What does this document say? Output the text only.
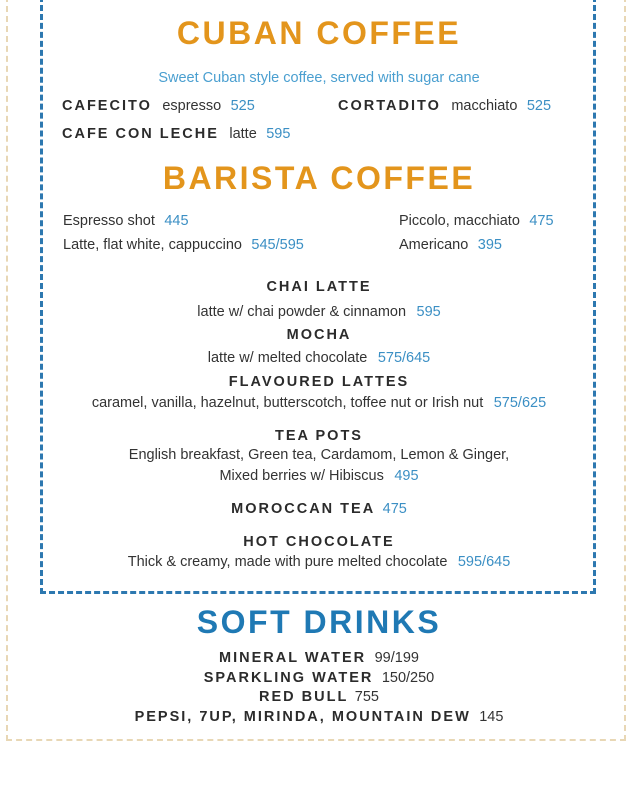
CUBAN COFFEE
Sweet Cuban style coffee, served with sugar cane
CAFECITO espresso 525	CORTADITO macchiato 525
CAFE CON LECHE latte 595
BARISTA COFFEE
Espresso shot 445
Latte, flat white, cappuccino 545/595
Piccolo, macchiato 475
Americano 395
CHAI LATTE
latte w/ chai powder & cinnamon 595
MOCHA
latte w/ melted chocolate 575/645
FLAVOURED LATTES
caramel, vanilla, hazelnut, butterscotch, toffee nut or Irish nut 575/625
TEA POTS
English breakfast, Green tea, Cardamom, Lemon & Ginger,
Mixed berries w/ Hibiscus 495
MOROCCAN TEA 475
HOT CHOCOLATE
Thick & creamy, made with pure melted chocolate 595/645
SOFT DRINKS
MINERAL WATER 99/199
SPARKLING WATER 150/250
RED BULL 755
PEPSI, 7UP, MIRINDA, MOUNTAIN DEW 145
